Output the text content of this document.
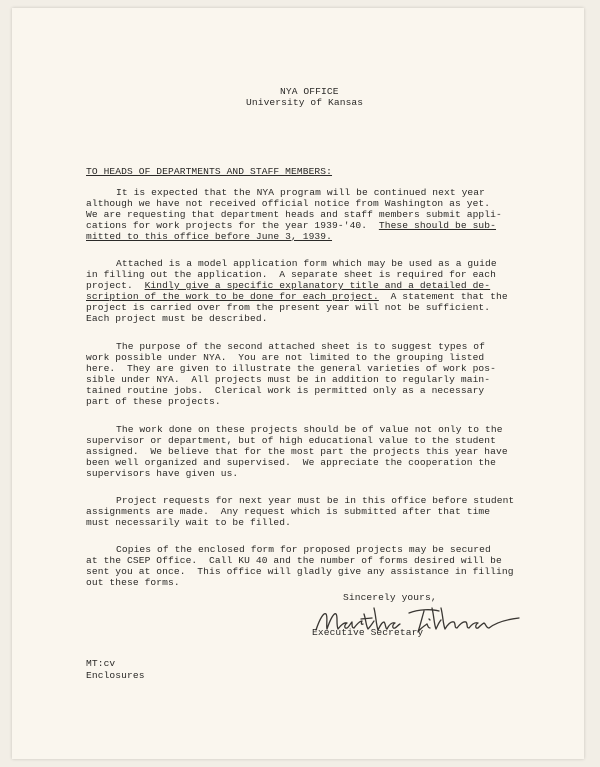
NYA OFFICE
University of Kansas
TO HEADS OF DEPARTMENTS AND STAFF MEMBERS:
It is expected that the NYA program will be continued next year
although we have not received official notice from Washington as yet.
We are requesting that department heads and staff members submit appli-
cations for work projects for the year 1939-'40.  These should be sub-
mitted to this office before June 3, 1939.
Attached is a model application form which may be used as a guide
in filling out the application.  A separate sheet is required for each
project.  Kindly give a specific explanatory title and a detailed de-
scription of the work to be done for each project.  A statement that the
project is carried over from the present year will not be sufficient.
Each project must be described.
The purpose of the second attached sheet is to suggest types of
work possible under NYA.  You are not limited to the grouping listed
here.  They are given to illustrate the general varieties of work pos-
sible under NYA.  All projects must be in addition to regularly main-
tained routine jobs.  Clerical work is permitted only as a necessary
part of these projects.
The work done on these projects should be of value not only to the
supervisor or department, but of high educational value to the student
assigned.  We believe that for the most part the projects this year have
been well organized and supervised.  We appreciate the cooperation the
supervisors have given us.
Project requests for next year must be in this office before student
assignments are made.  Any request which is submitted after that time
must necessarily wait to be filled.
Copies of the enclosed form for proposed projects may be secured
at the CSEP Office.  Call KU 40 and the number of forms desired will be
sent you at once.  This office will gladly give any assistance in filling
out these forms.
Sincerely yours,
Executive Secretary
MT:cv
Enclosures
